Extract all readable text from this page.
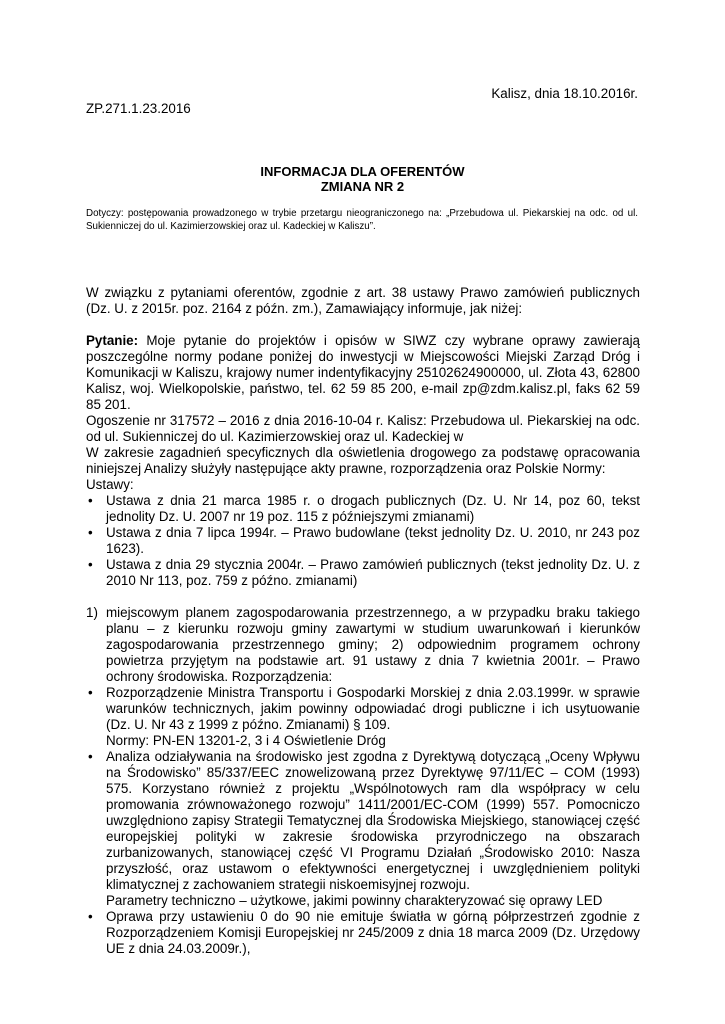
Kalisz, dnia 18.10.2016r.
ZP.271.1.23.2016
INFORMACJA DLA OFERENTÓW
ZMIANA NR 2
Dotyczy: postępowania prowadzonego w trybie przetargu nieograniczonego na: „Przebudowa ul. Piekarskiej na odc. od ul. Sukienniczej do ul. Kazimierzowskiej oraz ul. Kadeckiej w Kaliszu”.

W związku z pytaniami oferentów, zgodnie z art. 38 ustawy Prawo zamówień publicznych (Dz. U. z 2015r. poz. 2164 z późn. zm.), Zamawiający informuje, jak niżej:

Pytanie: Moje pytanie do projektów i opisów w SIWZ czy wybrane oprawy zawierają poszczególne normy podane poniżej do inwestycji w Miejscowości Miejski Zarząd Dróg i Komunikacji w Kaliszu, krajowy numer indentyfikacyjny 25102624900000, ul. Złota 43, 62800 Kalisz, woj. Wielkopolskie, państwo, tel. 62 59 85 200, e-mail zp@zdm.kalisz.pl, faks 62 59 85 201.

Ogoszenie nr 317572 – 2016 z dnia 2016-10-04 r. Kalisz: Przebudowa ul. Piekarskiej na odc. od ul. Sukienniczej do ul. Kazimierzowskiej oraz ul. Kadeckiej w

W zakresie zagadnień specyficznych dla oświetlenia drogowego za podstawę opracowania niniejszej Analizy służyły następujące akty prawne, rozporządzenia oraz Polskie Normy:

Ustawy:

• Ustawa z dnia 21 marca 1985 r. o drogach publicznych (Dz. U. Nr 14, poz 60, tekst jednolity Dz. U. 2007 nr 19 poz. 115 z późniejszymi zmianami)
• Ustawa z dnia 7 lipca 1994r. – Prawo budowlane (tekst jednolity Dz. U. 2010, nr 243 poz 1623).
• Ustawa z dnia 29 stycznia 2004r. – Prawo zamówień publicznych (tekst jednolity Dz. U. z 2010 Nr 113, poz. 759 z późno. zmianami)
1) miejscowym planem zagospodarowania przestrzennego, a w przypadku braku takiego planu – z kierunku rozwoju gminy zawartymi w studium uwarunkowań i kierunków zagospodarowania przestrzennego gminy; 2) odpowiednim programem ochrony powietrza przyjętym na podstawie art. 91 ustawy z dnia 7 kwietnia 2001r. – Prawo ochrony środowiska. Rozporządzenia:
• Rozporządzenie Ministra Transportu i Gospodarki Morskiej z dnia 2.03.1999r. w sprawie warunków technicznych, jakim powinny odpowiadać drogi publiczne i ich usytuowanie (Dz. U. Nr 43 z 1999 z późno. Zmianami) § 109.

Normy: PN-EN 13201-2, 3 i 4 Oświetlenie Dróg

• Analiza odziaływania na środowisko jest zgodna z Dyrektywą dotyczącą „Oceny Wpływu na Środowisko” 85/337/EEC znowelizowaną przez Dyrektywę 97/11/EC – COM (1993) 575. Korzystano również z projektu „Wspólnotowych ram dla współpracy w celu promowania zrównoważonego rozwoju” 1411/2001/EC-COM (1999) 557. Pomocniczo uwzględniono zapisy Strategii Tematycznej dla Środowiska Miejskiego, stanowiącej część europejskiej polityki w zakresie środowiska przyrodniczego na obszarach zurbanizowanych, stanowiącej część VI Programu Działań „Środowisko 2010: Nasza przyszłość, oraz ustawom o efektywności energetycznej i uwzględnieniem polityki klimatycznej z zachowaniem strategii niskoemisyjnej rozwoju.

Parametry techniczno – użytkowe, jakimi powinny charakteryzować się oprawy LED

• Oprawa przy ustawieniu 0 do 90 nie emituje światła w górną półprzestrzeń zgodnie z Rozporządzeniem Komisji Europejskiej nr 245/2009 z dnia 18 marca 2009 (Dz. Urzędowy UE z dnia 24.03.2009r.),
